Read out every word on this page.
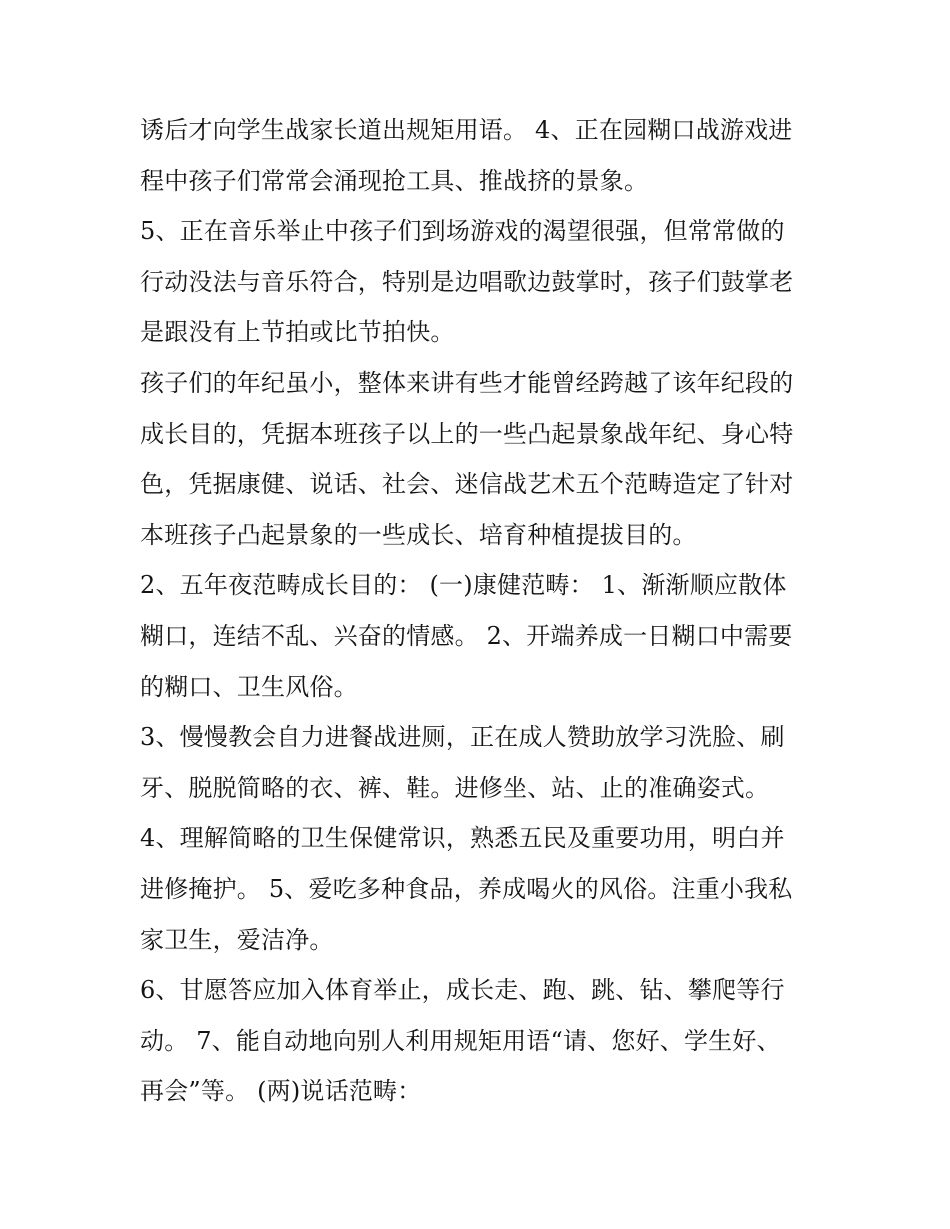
诱后才向学生战家长道出规矩用语。 4、正在园糊口战游戏进
程中孩子们常常会涌现抢工具、推战挤的景象。

5、正在音乐举止中孩子们到场游戏的渴望很强，但常常做的
行动没法与音乐符合，特别是边唱歌边鼓掌时，孩子们鼓掌老
是跟没有上节拍或比节拍快。

孩子们的年纪虽小，整体来讲有些才能曾经跨越了该年纪段的
成长目的，凭据本班孩子以上的一些凸起景象战年纪、身心特
色，凭据康健、说话、社会、迷信战艺术五个范畴造定了针对
本班孩子凸起景象的一些成长、培育种植提拔目的。

2、五年夜范畴成长目的： (一)康健范畴： 1、渐渐顺应散体
糊口，连结不乱、兴奋的情感。 2、开端养成一日糊口中需要
的糊口、卫生风俗。

3、慢慢教会自力进餐战进厕，正在成人赞助放学习洗脸、刷
牙、脱脱简略的衣、裤、鞋。进修坐、站、止的准确姿式。

4、理解简略的卫生保健常识，熟悉五民及重要功用，明白并
进修掩护。 5、爱吃多种食品，养成喝火的风俗。注重小我私
家卫生，爱洁净。

6、甘愿答应加入体育举止，成长走、跑、跳、钻、攀爬等行
动。 7、能自动地向别人利用规矩用语“请、您好、学生好、
再会”等。 (两)说话范畴：
